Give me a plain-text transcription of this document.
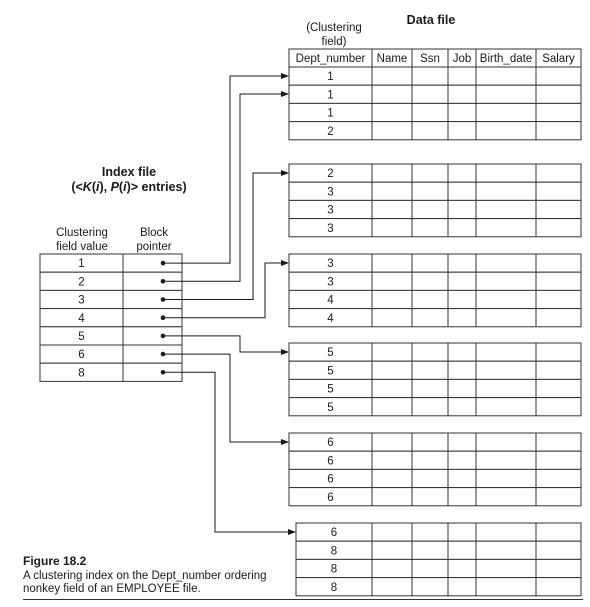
Data file
(Clustering
field)
Dept_number Name Ssn Job Birth_date Salary
1
1
1
2
2
3
3
3
3
3
4
4
5
5
5
5
6
6
6
6
6
8
8
8
Index file
(<K(i), P(i)> entries)
Clustering
field value
Block
pointer
1
2
3
4
5
6
8
Figure 18.2
A clustering index on the Dept_number ordering nonkey field of an EMPLOYEE file.
